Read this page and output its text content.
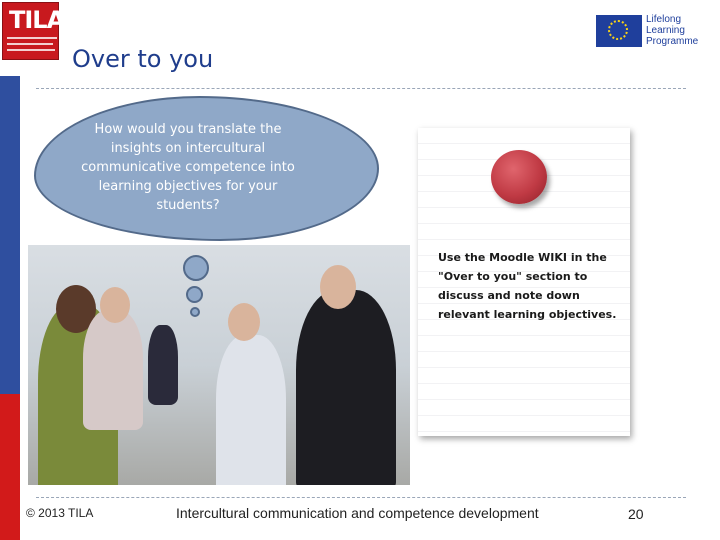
TILA
Over to you
Lifelong
Learning
Programme
How would you translate the insights on intercultural communicative competence into learning objectives for your students?
Use the Moodle WIKI in the "Over to you" section to discuss and note down relevant learning objectives.
© 2013 TILA	Intercultural communication and competence development	20
